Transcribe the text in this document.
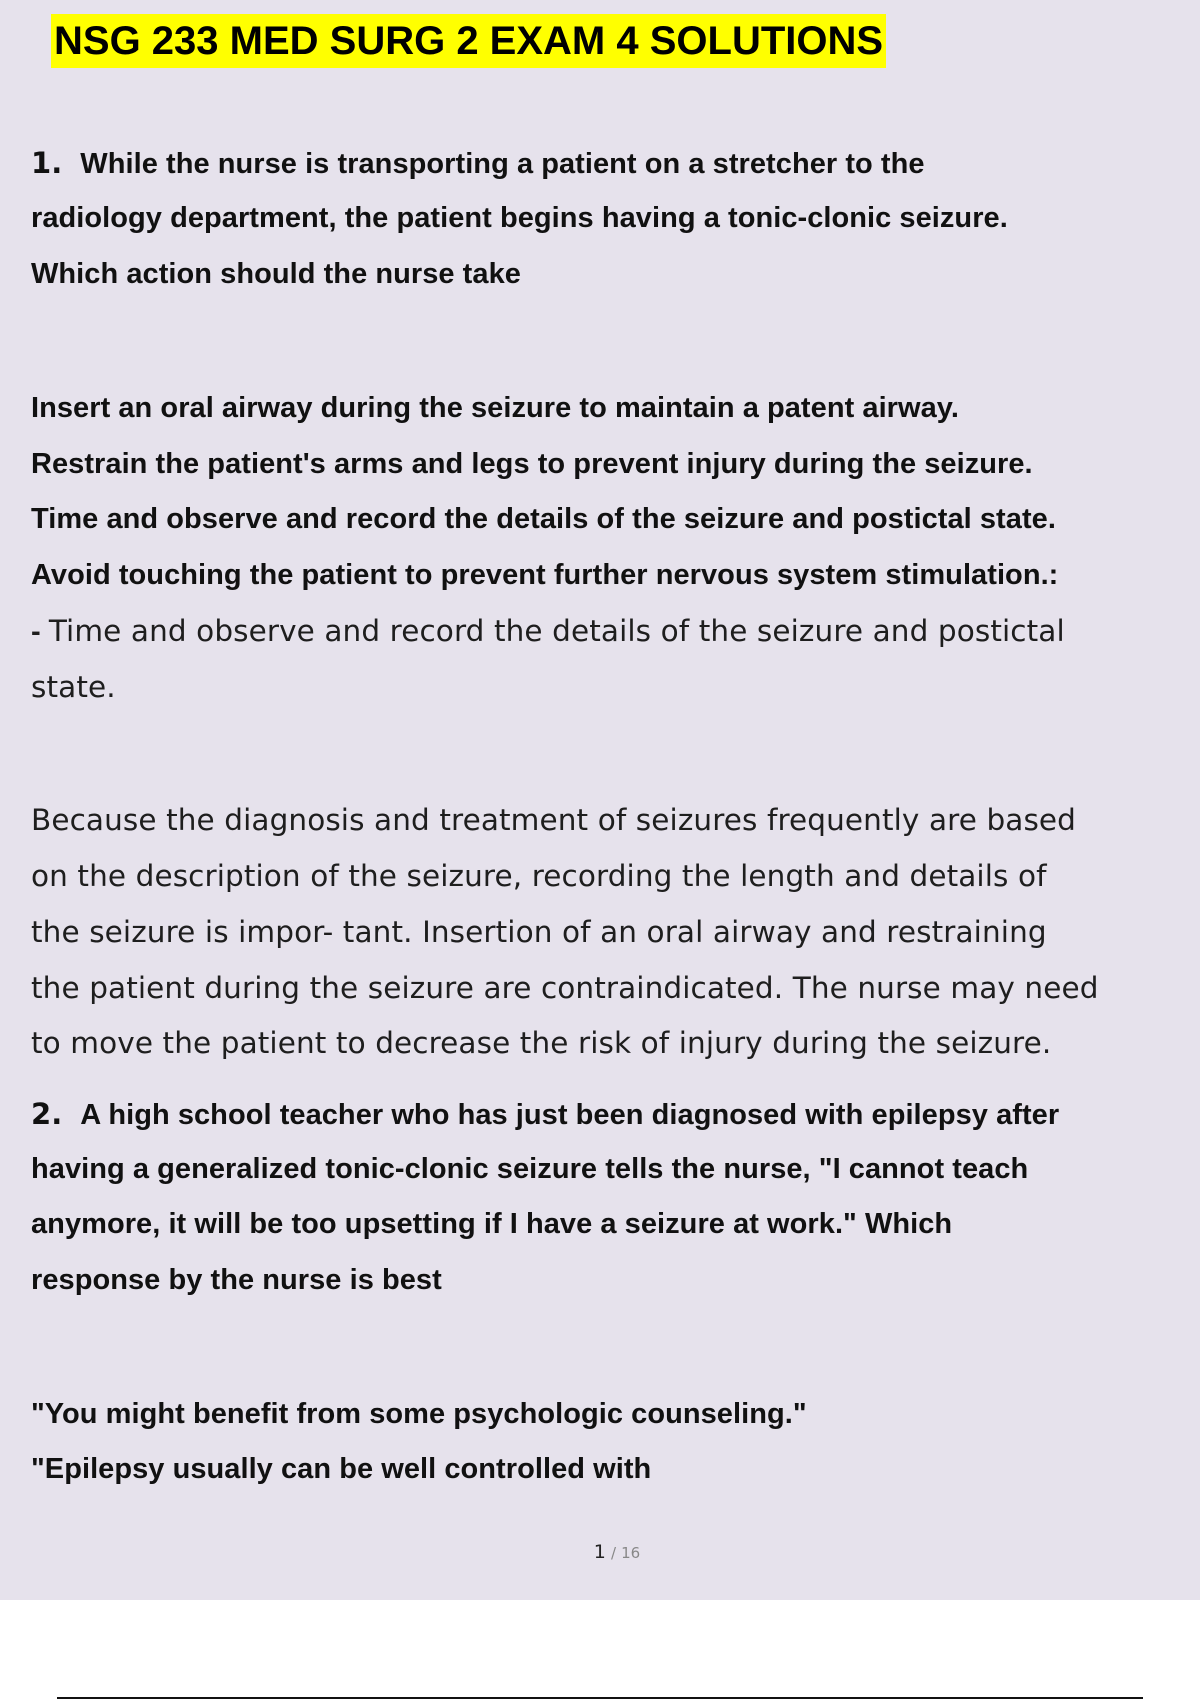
NSG 233 MED SURG 2 EXAM 4 SOLUTIONS
1. While the nurse is transporting a patient on a stretcher to the
radiology department, the patient begins having a tonic-clonic seizure.
Which action should the nurse take
Insert an oral airway during the seizure to maintain a patent airway.
Restrain the patient's arms and legs to prevent injury during the seizure.
Time and observe and record the details of the seizure and postictal state.
Avoid touching the patient to prevent further nervous system stimulation.:
- Time and observe and record the details of the seizure and postictal
state.
Because the diagnosis and treatment of seizures frequently are based
on the description of the seizure, recording the length and details of
the seizure is impor- tant. Insertion of an oral airway and restraining
the patient during the seizure are contraindicated. The nurse may need
to move the patient to decrease the risk of injury during the seizure.
2. A high school teacher who has just been diagnosed with epilepsy after
having a generalized tonic-clonic seizure tells the nurse, "I cannot teach
anymore, it will be too upsetting if I have a seizure at work." Which
response by the nurse is best
"You might benefit from some psychologic counseling."
"Epilepsy usually can be well controlled with
1 / 16
